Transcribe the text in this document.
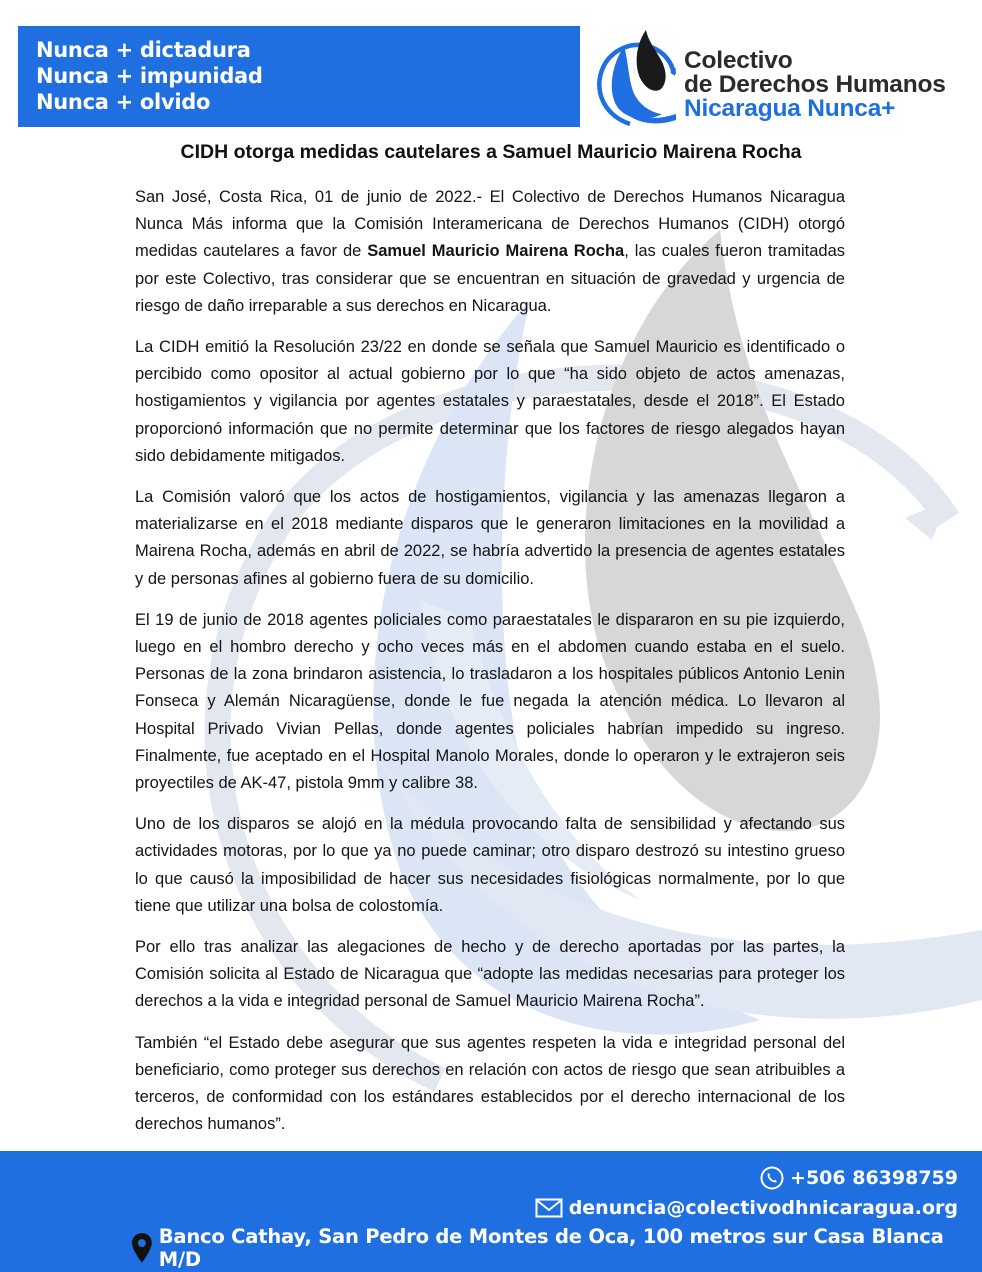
Nunca + dictadura
Nunca + impunidad
Nunca + olvido
Colectivo
de Derechos Humanos
Nicaragua Nunca+
CIDH otorga medidas cautelares a Samuel Mauricio Mairena Rocha

San José, Costa Rica, 01 de junio de 2022.- El Colectivo de Derechos Humanos Nicaragua Nunca Más informa que la Comisión Interamericana de Derechos Humanos (CIDH) otorgó medidas cautelares a favor de Samuel Mauricio Mairena Rocha, las cuales fueron tramitadas por este Colectivo, tras considerar que se encuentran en situación de gravedad y urgencia de riesgo de daño irreparable a sus derechos en Nicaragua.

La CIDH emitió la Resolución 23/22 en donde se señala que Samuel Mauricio es identificado o percibido como opositor al actual gobierno por lo que “ha sido objeto de actos amenazas, hostigamientos y vigilancia por agentes estatales y paraestatales, desde el 2018”. El Estado proporcionó información que no permite determinar que los factores de riesgo alegados hayan sido debidamente mitigados.

La Comisión valoró que los actos de hostigamientos, vigilancia y las amenazas llegaron a materializarse en el 2018 mediante disparos que le generaron limitaciones en la movilidad a Mairena Rocha, además en abril de 2022, se habría advertido la presencia de agentes estatales y de personas afines al gobierno fuera de su domicilio.

El 19 de junio de 2018 agentes policiales como paraestatales le dispararon en su pie izquierdo, luego en el hombro derecho y ocho veces más en el abdomen cuando estaba en el suelo. Personas de la zona brindaron asistencia, lo trasladaron a los hospitales públicos Antonio Lenin Fonseca y Alemán Nicaragüense, donde le fue negada la atención médica. Lo llevaron al Hospital Privado Vivian Pellas, donde agentes policiales habrían impedido su ingreso. Finalmente, fue aceptado en el Hospital Manolo Morales, donde lo operaron y le extrajeron seis proyectiles de AK-47, pistola 9mm y calibre 38.

Uno de los disparos se alojó en la médula provocando falta de sensibilidad y afectando sus actividades motoras, por lo que ya no puede caminar; otro disparo destrozó su intestino grueso lo que causó la imposibilidad de hacer sus necesidades fisiológicas normalmente, por lo que tiene que utilizar una bolsa de colostomía.

Por ello tras analizar las alegaciones de hecho y de derecho aportadas por las partes, la Comisión solicita al Estado de Nicaragua que “adopte las medidas necesarias para proteger los derechos a la vida e integridad personal de Samuel Mauricio Mairena Rocha”.

También “el Estado debe asegurar que sus agentes respeten la vida e integridad personal del beneficiario, como proteger sus derechos en relación con actos de riesgo que sean atribuibles a terceros, de conformidad con los estándares establecidos por el derecho internacional de los derechos humanos”.

+506 86398759
denuncia@colectivodhnicaragua.org
Banco Cathay, San Pedro de Montes de Oca, 100 metros sur Casa Blanca M/D
